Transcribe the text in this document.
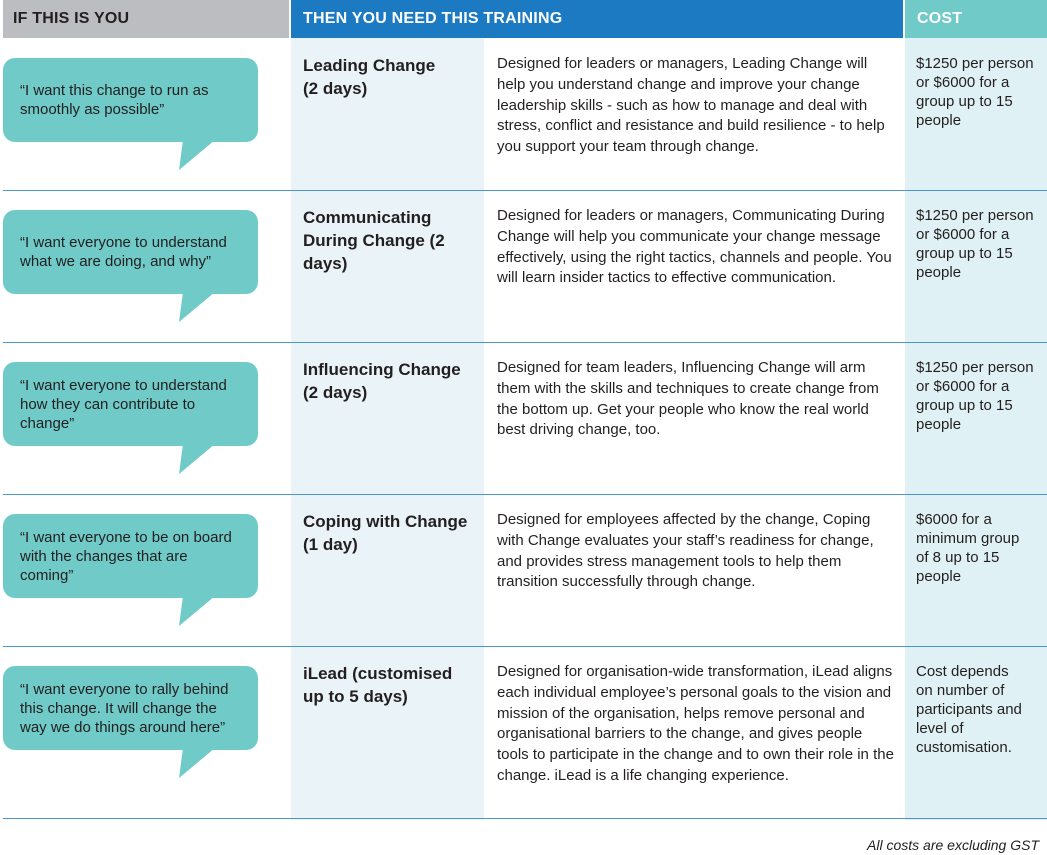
IF THIS IS YOU	THEN YOU NEED THIS TRAINING	COST
“I want this change to run as smoothly as possible”
Leading Change (2 days)
Designed for leaders or managers, Leading Change will help you understand change and improve your change leadership skills - such as how to manage and deal with stress, conflict and resistance and build resilience - to help you support your team through change.
$1250 per person or $6000 for a group up to 15 people
“I want everyone to understand what we are doing, and why”
Communicating During Change (2 days)
Designed for leaders or managers, Communicating During Change will help you communicate your change message effectively, using the right tactics, channels and people. You will learn insider tactics to effective communication.
$1250 per person or $6000 for a group up to 15 people
“I want everyone to understand how they can contribute to change”
Influencing Change (2 days)
Designed for team leaders, Influencing Change will arm them with the skills and techniques to create change from the bottom up. Get your people who know the real world best driving change, too.
$1250 per person or $6000 for a group up to 15 people
“I want everyone to be on board with the changes that are coming”
Coping with Change (1 day)
Designed for employees affected by the change, Coping with Change evaluates your staff’s readiness for change, and provides stress management tools to help them transition successfully through change.
$6000 for a minimum group of 8 up to 15 people
“I want everyone to rally behind this change. It will change the way we do things around here”
iLead (customised up to 5 days)
Designed for organisation-wide transformation, iLead aligns each individual employee’s personal goals to the vision and mission of the organisation, helps remove personal and organisational barriers to the change, and gives people tools to participate in the change and to own their role in the change. iLead is a life changing experience.
Cost depends on number of participants and level of customisation.
All costs are excluding GST
